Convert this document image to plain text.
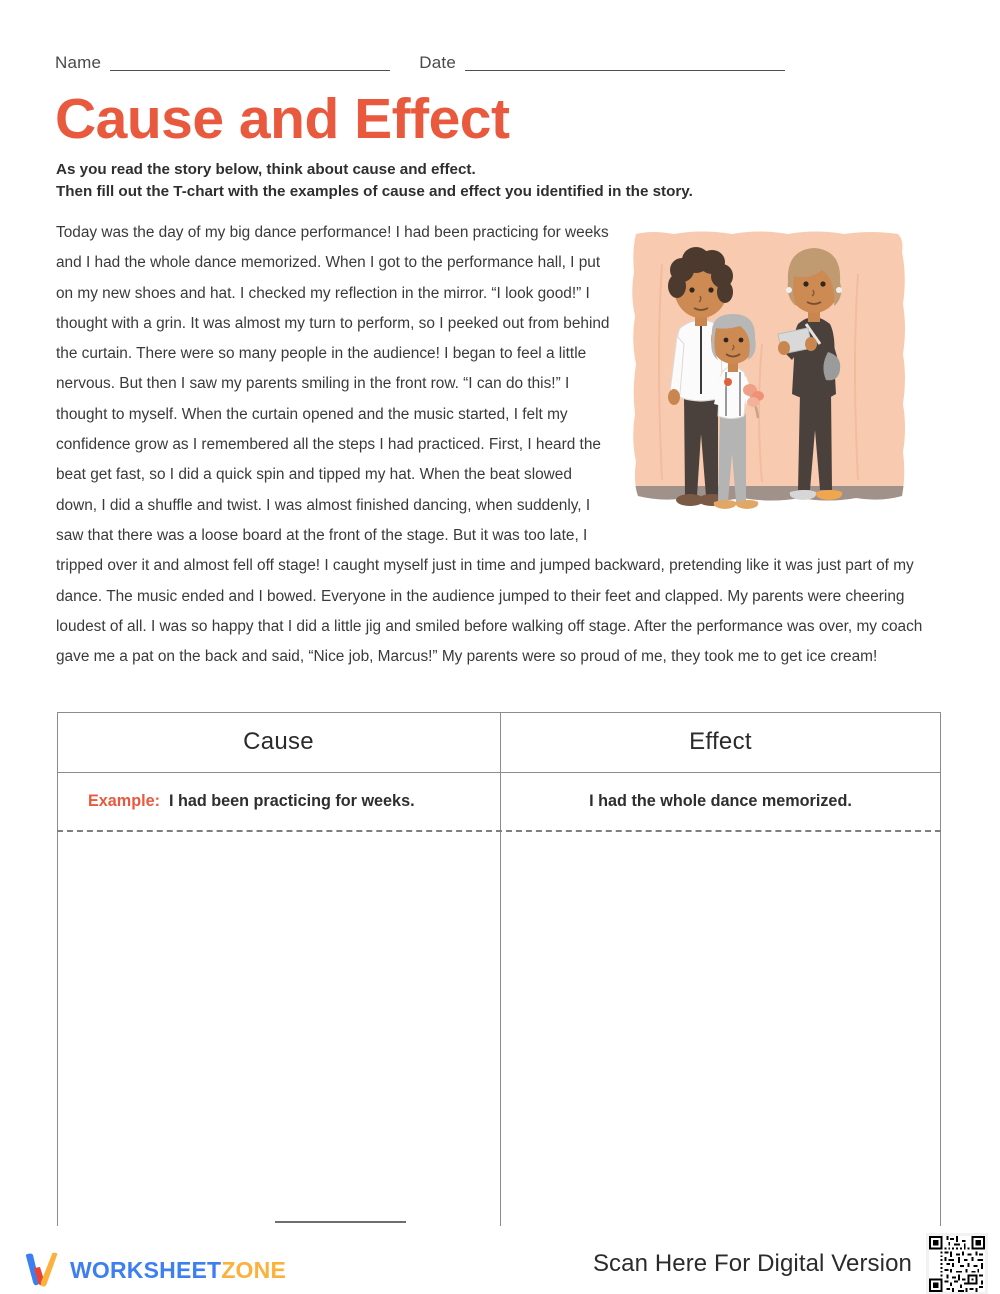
Name	Date
Cause and Effect
As you read the story below, think about cause and effect.
Then fill out the T-chart with the examples of cause and effect you identified in the story.

Today was the day of my big dance performance! I had been practicing for weeks and I had the whole dance memorized. When I got to the performance hall, I put on my new shoes and hat. I checked my reflection in the mirror. “I look good!” I thought with a grin. It was almost my turn to perform, so I peeked out from behind the curtain. There were so many people in the audience! I began to feel a little nervous. But then I saw my parents smiling in the front row. “I can do this!” I thought to myself. When the curtain opened and the music started, I felt my confidence grow as I remembered all the steps I had practiced. First, I heard the beat get fast, so I did a quick spin and tipped my hat. When the beat slowed down, I did a shuffle and twist. I was almost finished dancing, when suddenly, I saw that there was a loose board at the front of the stage. But it was too late, I tripped over it and almost fell off stage! I caught myself just in time and jumped backward, pretending like it was just part of my dance. The music ended and I bowed. Everyone in the audience jumped to their feet and clapped. My parents were cheering loudest of all. I was so happy that I did a little jig and smiled before walking off stage. After the performance was over, my coach gave me a pat on the back and said, “Nice job, Marcus!” My parents were so proud of me, they took me to get ice cream!

Cause	Effect
Example: I had been practicing for weeks.	I had the whole dance memorized.
WORKSHEETZONE	Scan Here For Digital Version
